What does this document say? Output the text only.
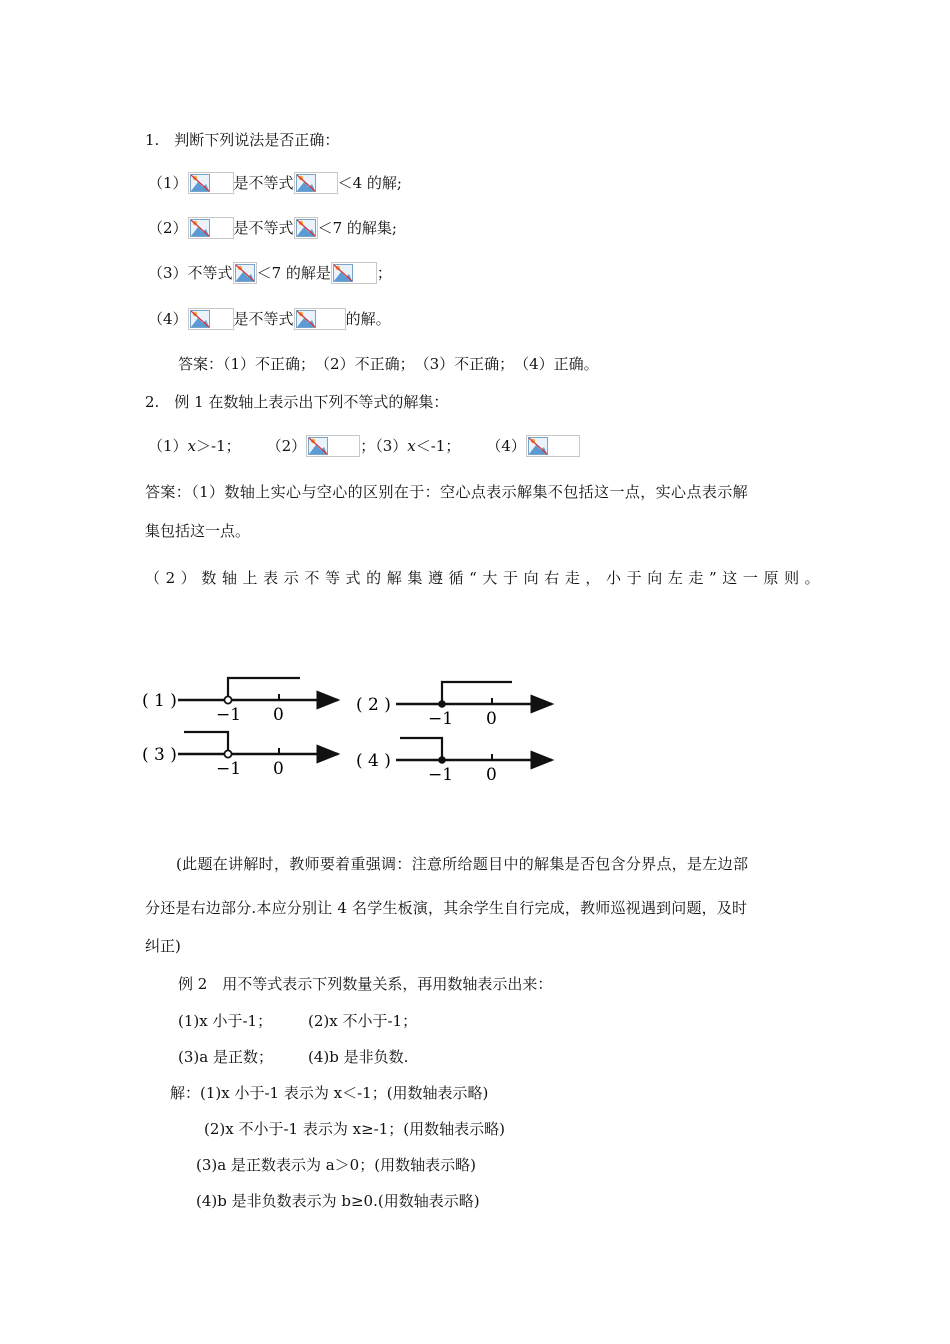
1.　判断下列说法是否正确：
（1）	是不等式	＜4 的解;
（2）	是不等式 ＜7 的解集;
（3）不等式 ＜7 的解是	；
（4）	是不等式	的解。
答案：（1）不正确；　（2）不正确；　（3）不正确；　（4）正确。
2.　例 1 在数轴上表示出下列不等式的解集：
（1）x＞-1； （2）	；（3）x＜-1； （4）
答案：（1）数轴上实心与空心的区别在于：空心点表示解集不包括这一点，实心点表示解
集包括这一点。
（2）数轴上表示不等式的解集遵循“大于向右走，小于向左走”这一原则。
( 1 )
−1 0	( 2 )
−1 0
( 3 )
−1 0	( 4 )
−1 0
(此题在讲解时，教师要着重强调：注意所给题目中的解集是否包含分界点，是左边部
分还是右边部分.本应分别让 4 名学生板演，其余学生自行完成，教师巡视遇到问题，及时
纠正)
例 2　用不等式表示下列数量关系，再用数轴表示出来：
(1)x 小于-1； (2)x 不小于-1；
(3)a 是正数； (4)b 是非负数.
解：(1)x 小于-1 表示为 x＜-1；(用数轴表示略)
(2)x 不小于-1 表示为 x≥-1；(用数轴表示略)
(3)a 是正数表示为 a＞0；(用数轴表示略)
(4)b 是非负数表示为 b≥0.(用数轴表示略)
